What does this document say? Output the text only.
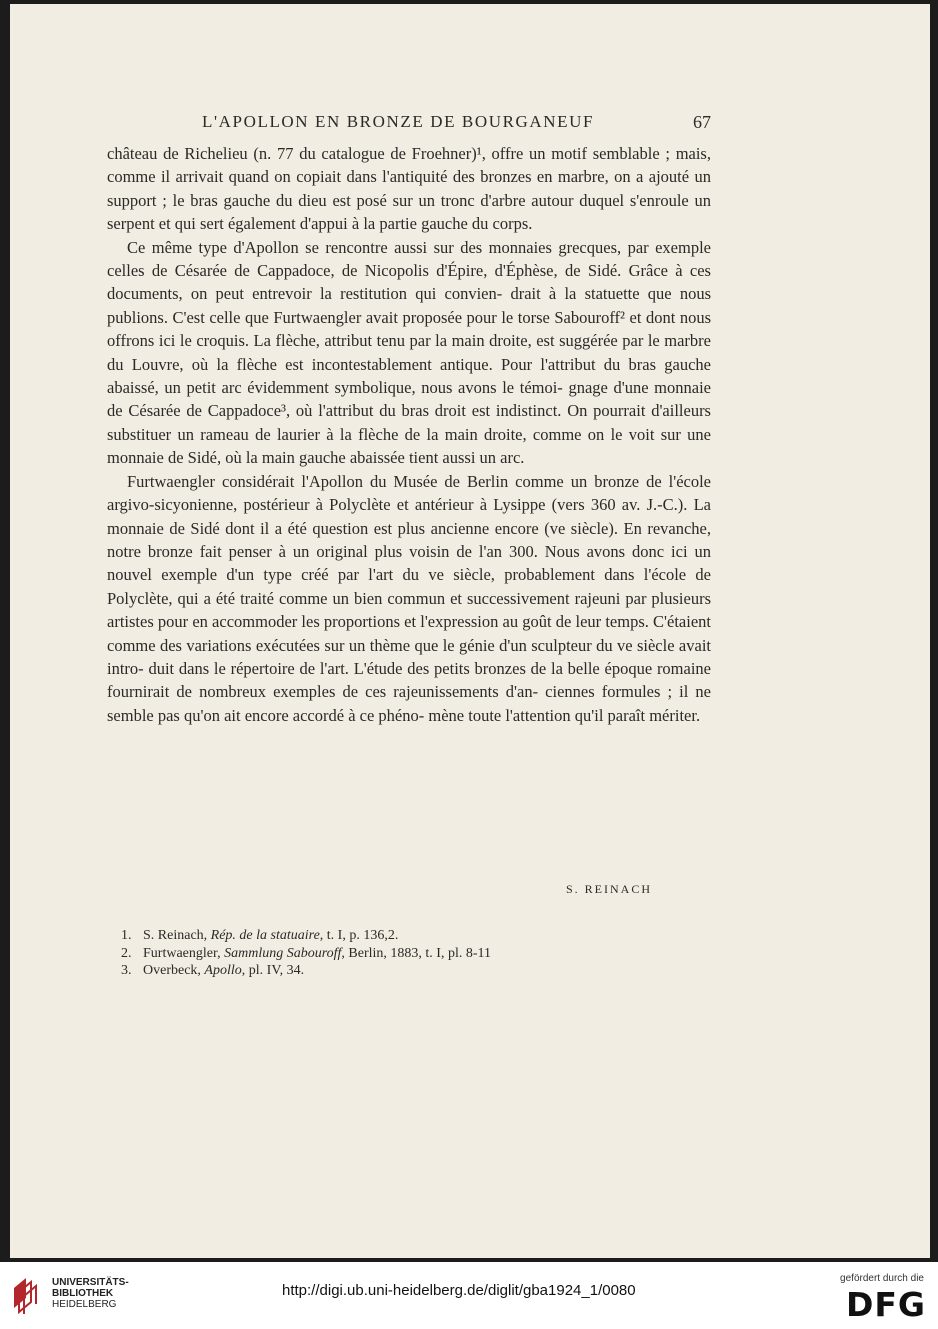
L'APOLLON EN BRONZE DE BOURGANEUF	67

château de Richelieu (n. 77 du catalogue de Froehner)¹, offre un motif semblable ; mais, comme il arrivait quand on copiait dans l'antiquité des bronzes en marbre, on a ajouté un support ; le bras gauche du dieu est posé sur un tronc d'arbre autour duquel s'enroule un serpent et qui sert également d'appui à la partie gauche du corps.

Ce même type d'Apollon se rencontre aussi sur des monnaies grecques, par exemple celles de Césarée de Cappadoce, de Nicopolis d'Épire, d'Éphèse, de Sidé. Grâce à ces documents, on peut entrevoir la restitution qui convien- drait à la statuette que nous publions. C'est celle que Furtwaengler avait proposée pour le torse Sabouroff² et dont nous offrons ici le croquis. La flèche, attribut tenu par la main droite, est suggérée par le marbre du Louvre, où la flèche est incontestablement antique. Pour l'attribut du bras gauche abaissé, un petit arc évidemment symbolique, nous avons le témoi- gnage d'une monnaie de Césarée de Cappadoce³, où l'attribut du bras droit est indistinct. On pourrait d'ailleurs substituer un rameau de laurier à la flèche de la main droite, comme on le voit sur une monnaie de Sidé, où la main gauche abaissée tient aussi un arc.

Furtwaengler considérait l'Apollon du Musée de Berlin comme un bronze de l'école argivo-sicyonienne, postérieur à Polyclète et antérieur à Lysippe (vers 360 av. J.-C.). La monnaie de Sidé dont il a été question est plus ancienne encore (ve siècle). En revanche, notre bronze fait penser à un original plus voisin de l'an 300. Nous avons donc ici un nouvel exemple d'un type créé par l'art du ve siècle, probablement dans l'école de Polyclète, qui a été traité comme un bien commun et successivement rajeuni par plusieurs artistes pour en accommoder les proportions et l'expression au goût de leur temps. C'étaient comme des variations exécutées sur un thème que le génie d'un sculpteur du ve siècle avait intro- duit dans le répertoire de l'art. L'étude des petits bronzes de la belle époque romaine fournirait de nombreux exemples de ces rajeunissements d'an- ciennes formules ; il ne semble pas qu'on ait encore accordé à ce phéno- mène toute l'attention qu'il paraît mériter.

S. REINACH
1. S. Reinach, Rép. de la statuaire, t. I, p. 136,2.
2. Furtwaengler, Sammlung Sabouroff, Berlin, 1883, t. I, pl. 8-11
3. Overbeck, Apollo, pl. IV, 34.
UNIVERSITÄTS-
BIBLIOTHEK
HEIDELBERG
http://digi.ub.uni-heidelberg.de/diglit/gba1924_1/0080
gefördert durch die
DFG
